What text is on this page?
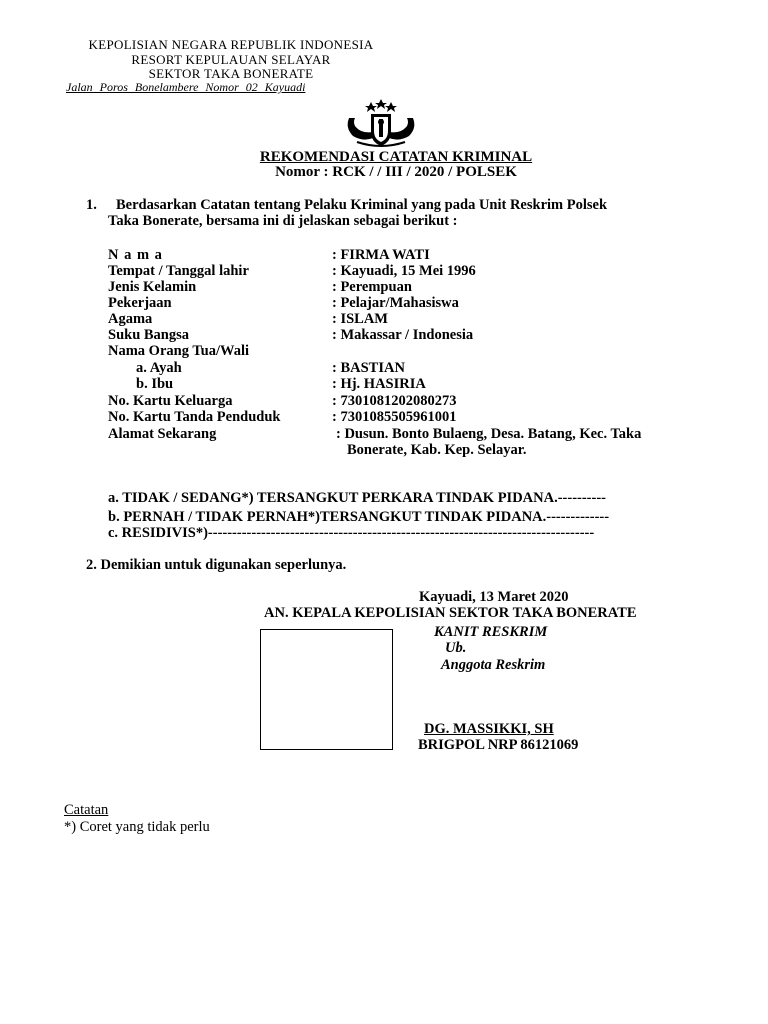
KEPOLISIAN NEGARA REPUBLIK INDONESIA
RESORT KEPULAUAN SELAYAR
SEKTOR TAKA BONERATE
Jalan Poros Bonelambere Nomor 02 Kayuadi
REKOMENDASI CATATAN KRIMINAL
Nomor : RCK / / III / 2020 / POLSEK
1. Berdasarkan Catatan tentang Pelaku Kriminal yang pada Unit Reskrim Polsek
Taka Bonerate, bersama ini di jelaskan sebagai berikut :
N a m a	: FIRMA WATI
Tempat / Tanggal lahir	: Kayuadi, 15 Mei 1996
Jenis Kelamin	: Perempuan
Pekerjaan	: Pelajar/Mahasiswa
Agama	: ISLAM
Suku Bangsa	: Makassar / Indonesia
Nama Orang Tua/Wali
a. Ayah	: BASTIAN
b. Ibu	: Hj. HASIRIA
No. Kartu Keluarga	: 7301081202080273
No. Kartu Tanda Penduduk	: 7301085505961001
Alamat Sekarang	: Dusun. Bonto Bulaeng, Desa. Batang, Kec. Taka
Bonerate, Kab. Kep. Selayar.
a. TIDAK / SEDANG*) TERSANGKUT PERKARA TINDAK PIDANA.----------
b. PERNAH / TIDAK PERNAH*)TERSANGKUT TINDAK PIDANA.-------------
c. RESIDIVIS*)--------------------------------------------------------------------------------
2. Demikian untuk digunakan seperlunya.
Kayuadi, 13 Maret 2020
AN. KEPALA KEPOLISIAN SEKTOR TAKA BONERATE
KANIT RESKRIM
Ub.
Anggota Reskrim
DG. MASSIKKI, SH
BRIGPOL NRP 86121069
Catatan
*) Coret yang tidak perlu
